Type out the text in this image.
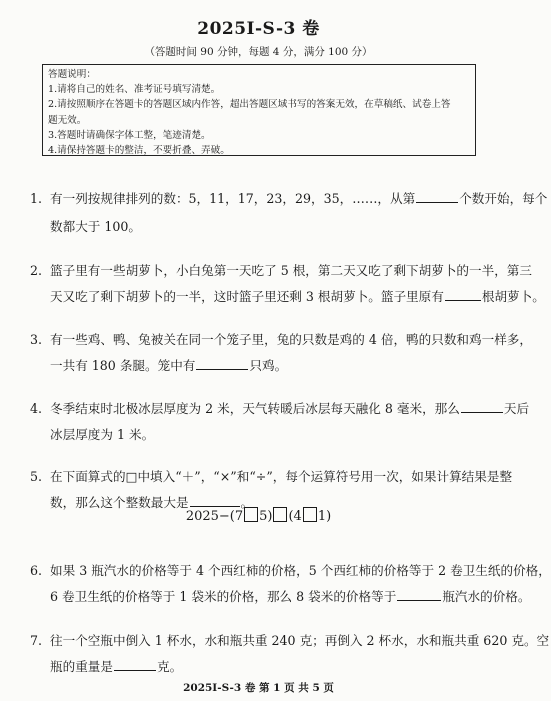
2025I-S-3 卷
（答题时间 90 分钟，每题 4 分，满分 100 分）
答题说明：
1.请将自己的姓名、准考证号填写清楚。
2.请按照顺序在答题卡的答题区域内作答，超出答题区域书写的答案无效，在草稿纸、试卷上答
题无效。
3.答题时请确保字体工整，笔迹清楚。
4.请保持答题卡的整洁，不要折叠、弄破。
1. 有一列按规律排列的数：5，11，17，23，29，35，……，从第	个数开始，每个
数都大于 100。
2. 篮子里有一些胡萝卜，小白兔第一天吃了 5 根，第二天又吃了剩下胡萝卜的一半，第三
天又吃了剩下胡萝卜的一半，这时篮子里还剩 3 根胡萝卜。篮子里原有	根胡萝卜。
3. 有一些鸡、鸭、兔被关在同一个笼子里，兔的只数是鸡的 4 倍，鸭的只数和鸡一样多，
一共有 180 条腿。笼中有	只鸡。
4. 冬季结束时北极冰层厚度为 2 米，天气转暖后冰层每天融化 8 毫米，那么	天后
冰层厚度为 1 米。
5. 在下面算式的□中填入“＋”，“×”和“÷”，每个运算符号用一次，如果计算结果是整
数，那么这个整数最大是	。
2025−(7 5) (4 1)
6. 如果 3 瓶汽水的价格等于 4 个西红柿的价格，5 个西红柿的价格等于 2 卷卫生纸的价格，
6 卷卫生纸的价格等于 1 袋米的价格，那么 8 袋米的价格等于	瓶汽水的价格。
7. 往一个空瓶中倒入 1 杯水，水和瓶共重 240 克；再倒入 2 杯水，水和瓶共重 620 克。空
瓶的重量是	克。
2025I-S-3 卷 第 1 页 共 5 页
